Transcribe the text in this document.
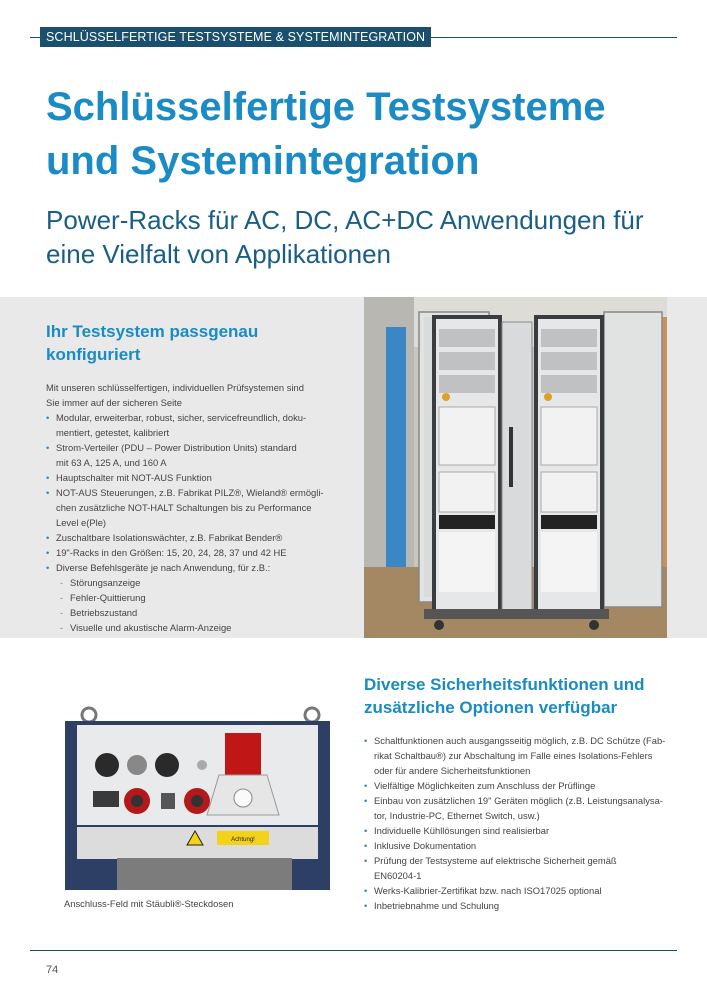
SCHLÜSSELFERTIGE TESTSYSTEME & SYSTEMINTEGRATION
Schlüsselfertige Testsysteme
und Systemintegration
Power-Racks für AC, DC, AC+DC Anwendungen für
eine Vielfalt von Applikationen
Ihr Testsystem passgenau
konfiguriert

Mit unseren schlüsselfertigen, individuellen Prüfsystemen sind
Sie immer auf der sicheren Seite

• Modular, erweiterbar, robust, sicher, servicefreundlich, doku-
mentiert, getestet, kalibriert
• Strom-Verteiler (PDU – Power Distribution Units) standard
mit 63 A, 125 A, und 160 A
• Hauptschalter mit NOT-AUS Funktion
• NOT-AUS Steuerungen, z.B. Fabrikat PILZ®, Wieland® ermögli-
chen zusätzliche NOT-HALT Schaltungen bis zu Performance
Level e(Ple)
• Zuschaltbare Isolationswächter, z.B. Fabrikat Bender®
• 19"-Racks in den Größen: 15, 20, 24, 28, 37 und 42 HE
• Diverse Befehlsgeräte je nach Anwendung, für z.B.:
- Störungsanzeige
- Fehler-Quittierung
- Betriebszustand
- Visuelle und akustische Alarm-Anzeige
Achtung!
Anschluss-Feld mit Stäubli®-Steckdosen
Diverse Sicherheitsfunktionen und
zusätzliche Optionen verfügbar
• Schaltfunktionen auch ausgangsseitig möglich, z.B. DC Schütze (Fab-
rikat Schaltbau®) zur Abschaltung im Falle eines Isolations-Fehlers
oder für andere Sicherheitsfunktionen
• Vielfältige Möglichkeiten zum Anschluss der Prüflinge
• Einbau von zusätzlichen 19" Geräten möglich (z.B. Leistungsanalysa-
tor, Industrie-PC, Ethernet Switch, usw.)
• Individuelle Kühllösungen sind realisierbar
• Inklusive Dokumentation
• Prüfung der Testsysteme auf elektrische Sicherheit gemäß
EN60204-1
• Werks-Kalibrier-Zertifikat bzw. nach ISO17025 optional
• Inbetriebnahme und Schulung
74
